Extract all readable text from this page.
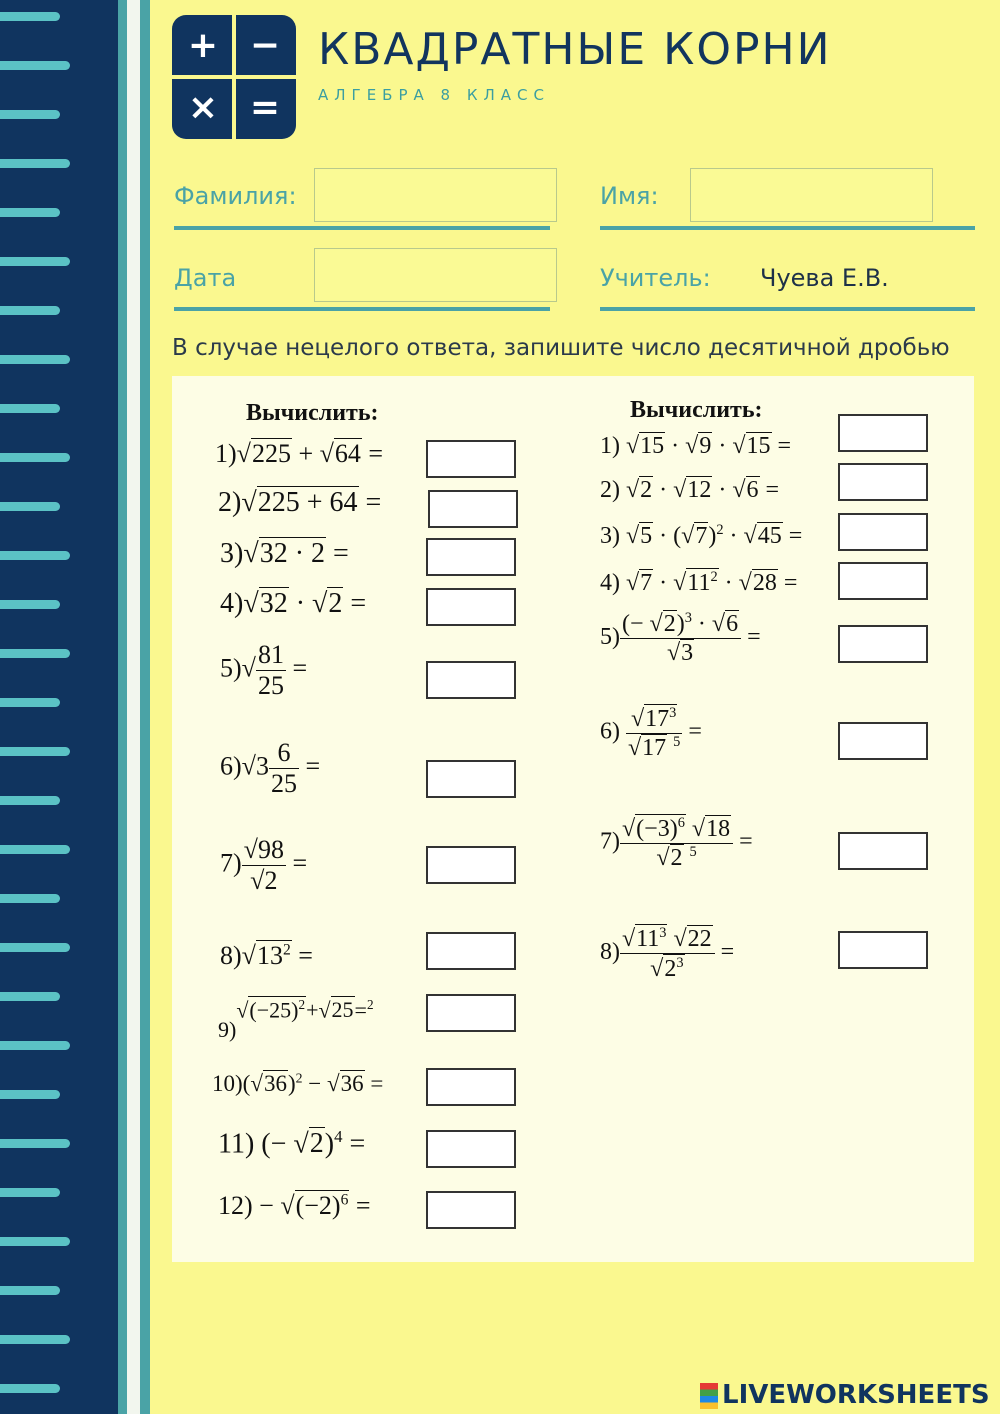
+ −
× =
КВАДРАТНЫЕ КОРНИ
АЛГЕБРА 8 КЛАСС
Фамилия:	Имя:
Дата	Учитель: Чуева Е.В.
В случае нецелого ответа, запишите число десятичной дробью
Вычислить:
1)√225 + √64 =
2)√225 + 64 =
3)√32 · 2 =
4)√32 · √2 =
$5)√ \frac{81}{25}$ =
$6)√3 \frac{6}{25}$ =
$7) \frac{√98}{√2}$ =
$8)√13^2$ =
$9)√(-25)^2+√25=^2$
$10)(√36)^2 - √36$ =
11) (− √2)$^4$ =
$12) - √(-2)^6$ =
Вычислить:
1) √15 · √9 · √15 =
2) √2 · √12 · √6 =
3) $√5 \cdot (√7)^2 \cdot √45$ =
4) $√7 \cdot √11^2 \cdot √28$ =
$5) \frac{(- √2)^3 \cdot √6}{√3}$ =
$6) \frac{√17^3}{√17 ^5}$ =
$7) \frac{√(-3)^6 √18}{√2 ^5}$ =
$8) \frac{√11^3 √22}{√2^3}$ =
LIVEWORKSHEETS
